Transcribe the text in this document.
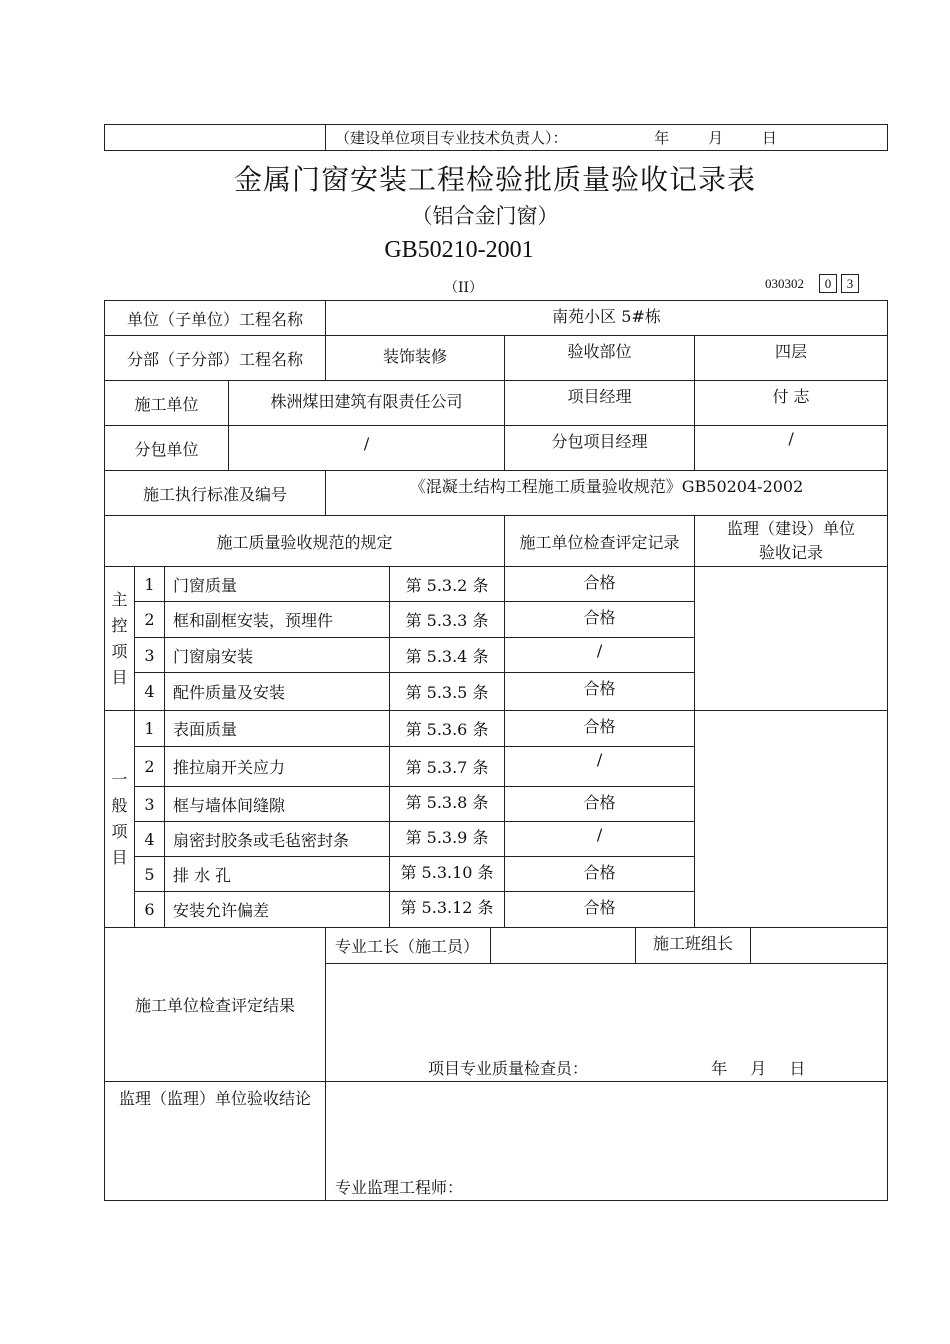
	（建设单位项目专业技术负责人）：	年	月	日
金属门窗安装工程检验批质量验收记录表
（铝合金门窗）
GB50210-2001
（II）	030302	0	3
单位（子单位）工程名称				南苑小区 5#栋			
分部（子分部）工程名称				装饰装修		验收部位	四层
施工单位			株洲煤田建筑有限责任公司			项目经理	付 志
分包单位			/			分包项目经理	/
施工执行标准及编号				《混凝土结构工程施工质量验收规范》GB50204-2002			
施工质量验收规范的规定						施工单位检查评定记录	监理（建设）单位
验收记录

主
控
项
目	1	门窗质量			第 5.3.2 条	合格	
	2	框和副框安装，预埋件			第 5.3.3 条	合格	
	3	门窗扇安装			第 5.3.4 条	/	
	4	配件质量及安装			第 5.3.5 条	合格	

一
般
项
目	1	表面质量			第 5.3.6 条	合格	
	2	推拉扇开关应力			第 5.3.7 条	/	
	3	框与墙体间缝隙			第 5.3.8 条	合格	
	4	扇密封胶条或毛毡密封条			第 5.3.9 条	/	
	5	排 水 孔			第 5.3.10 条	合格	
	6	安装允许偏差			第 5.3.12 条	合格	
施工单位检查评定结果				专业工长（施工员） 施工班组长			

				项目专业质量检查员： 年 月 日			
监理（监理）单位验收结论				专业监理工程师：			
